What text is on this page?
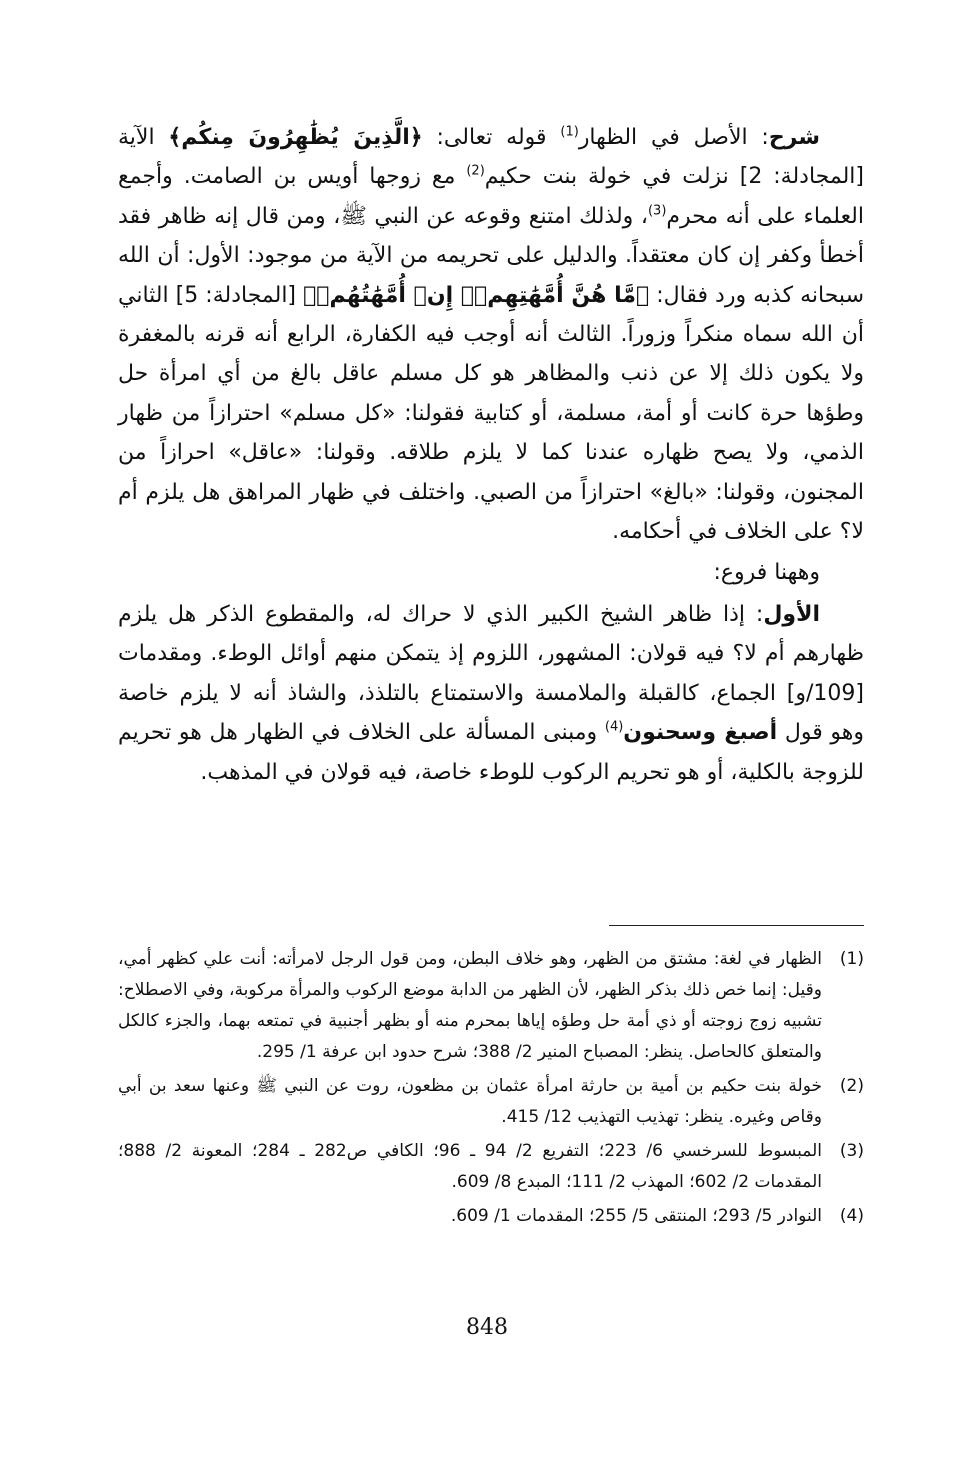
شرح: الأصل في الظهار$^{(1)}$ قوله تعالى: ﴿الَّذِينَ يُظَٰهِرُونَ مِنكُم﴾ الآية [المجادلة: 2] نزلت في خولة بنت حكيم$^{(2)}$ مع زوجها أويس بن الصامت. وأجمع العلماء على أنه محرم$^{(3)}$، ولذلك امتنع وقوعه عن النبي ﷺ، ومن قال إنه ظاهر فقد أخطأ وكفر إن كان معتقداً. والدليل على تحريمه من الآية من موجود: الأول: أن الله سبحانه كذبه ورد فقال: ﴿مَّا هُنَّ أُمَّهَٰتِهِمۡۖ إِنۡ أُمَّهَٰتُهُمۡ﴾ [المجادلة: 5] الثاني أن الله سماه منكراً وزوراً. الثالث أنه أوجب فيه الكفارة، الرابع أنه قرنه بالمغفرة ولا يكون ذلك إلا عن ذنب والمظاهر هو كل مسلم عاقل بالغ من أي امرأة حل وطؤها حرة كانت أو أمة، مسلمة، أو كتابية فقولنا: «كل مسلم» احترازاً من ظهار الذمي، ولا يصح ظهاره عندنا كما لا يلزم طلاقه. وقولنا: «عاقل» احرازاً من المجنون، وقولنا: «بالغ» احترازاً من الصبي. واختلف في ظهار المراهق هل يلزم أم لا؟ على الخلاف في أحكامه.

وههنا فروع:

الأول: إذا ظاهر الشيخ الكبير الذي لا حراك له، والمقطوع الذكر هل يلزم ظهارهم أم لا؟ فيه قولان: المشهور، اللزوم إذ يتمكن منهم أوائل الوطء. ومقدمات [109/و] الجماع، كالقبلة والملامسة والاستمتاع بالتلذذ، والشاذ أنه لا يلزم خاصة وهو قول أصبغ وسحنون$^{(4)}$ ومبنى المسألة على الخلاف في الظهار هل هو تحريم للزوجة بالكلية، أو هو تحريم الركوب للوطء خاصة، فيه قولان في المذهب.

(1)
الظهار في لغة: مشتق من الظهر، وهو خلاف البطن، ومن قول الرجل لامرأته: أنت علي كظهر أمي، وقيل: إنما خص ذلك بذكر الظهر، لأن الظهر من الدابة موضع الركوب والمرأة مركوبة، وفي الاصطلاح: تشبيه زوج زوجته أو ذي أمة حل وطؤه إياها بمحرم منه أو بظهر أجنبية في تمتعه بهما، والجزء كالكل والمتعلق كالحاصل. ينظر: المصباح المنير 2/ 388؛ شرح حدود ابن عرفة 1/ 295.
(2)
خولة بنت حكيم بن أمية بن حارثة امرأة عثمان بن مظعون، روت عن النبي ﷺ وعنها سعد بن أبي وقاص وغيره. ينظر: تهذيب التهذيب 12/ 415.
(3)
المبسوط للسرخسي 6/ 223؛ التفريع 2/ 94 ـ 96؛ الكافي ص282 ـ 284؛ المعونة 2/ 888؛ المقدمات 2/ 602؛ المهذب 2/ 111؛ المبدع 8/ 609.
(4)
النوادر 5/ 293؛ المنتقى 5/ 255؛ المقدمات 1/ 609.
848
